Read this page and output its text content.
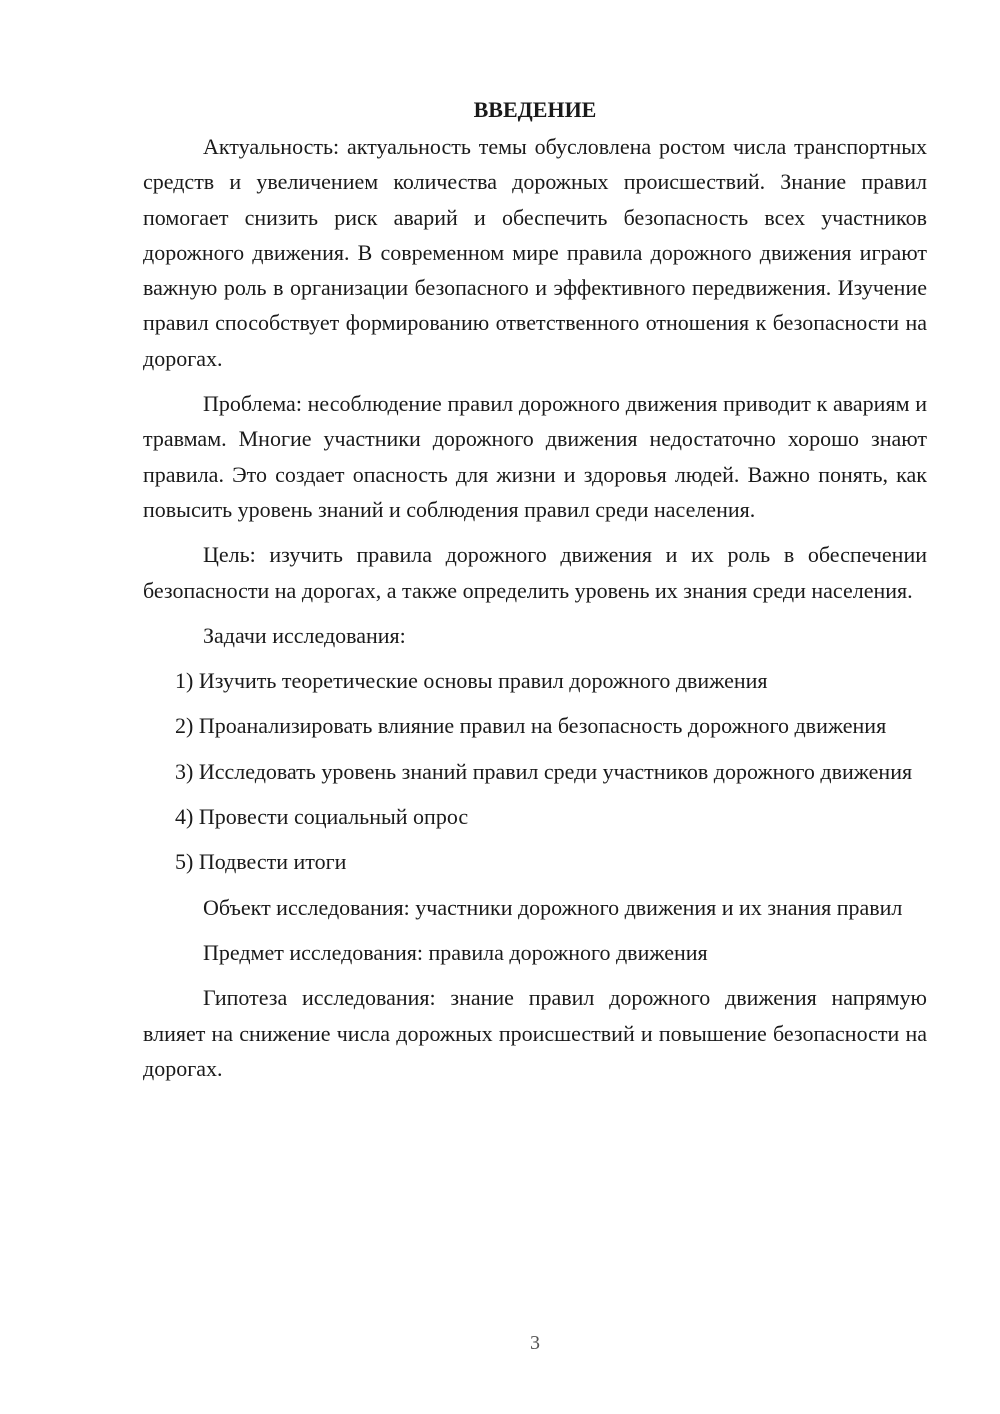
ВВЕДЕНИЕ

Актуальность: актуальность темы обусловлена ростом числа транспортных средств и увеличением количества дорожных происшествий. Знание правил помогает снизить риск аварий и обеспечить безопасность всех участников дорожного движения. В современном мире правила дорожного движения играют важную роль в организации безопасного и эффективного передвижения. Изучение правил способствует формированию ответственного отношения к безопасности на дорогах.

Проблема: несоблюдение правил дорожного движения приводит к авариям и травмам. Многие участники дорожного движения недостаточно хорошо знают правила. Это создает опасность для жизни и здоровья людей. Важно понять, как повысить уровень знаний и соблюдения правил среди населения.

Цель: изучить правила дорожного движения и их роль в обеспечении безопасности на дорогах, а также определить уровень их знания среди населения.

Задачи исследования:

1) Изучить теоретические основы правил дорожного движения

2) Проанализировать влияние правил на безопасность дорожного движения

3) Исследовать уровень знаний правил среди участников дорожного движения

4) Провести социальный опрос

5) Подвести итоги

Объект исследования: участники дорожного движения и их знания правил

Предмет исследования: правила дорожного движения

Гипотеза исследования: знание правил дорожного движения напрямую влияет на снижение числа дорожных происшествий и повышение безопасности на дорогах.

3
